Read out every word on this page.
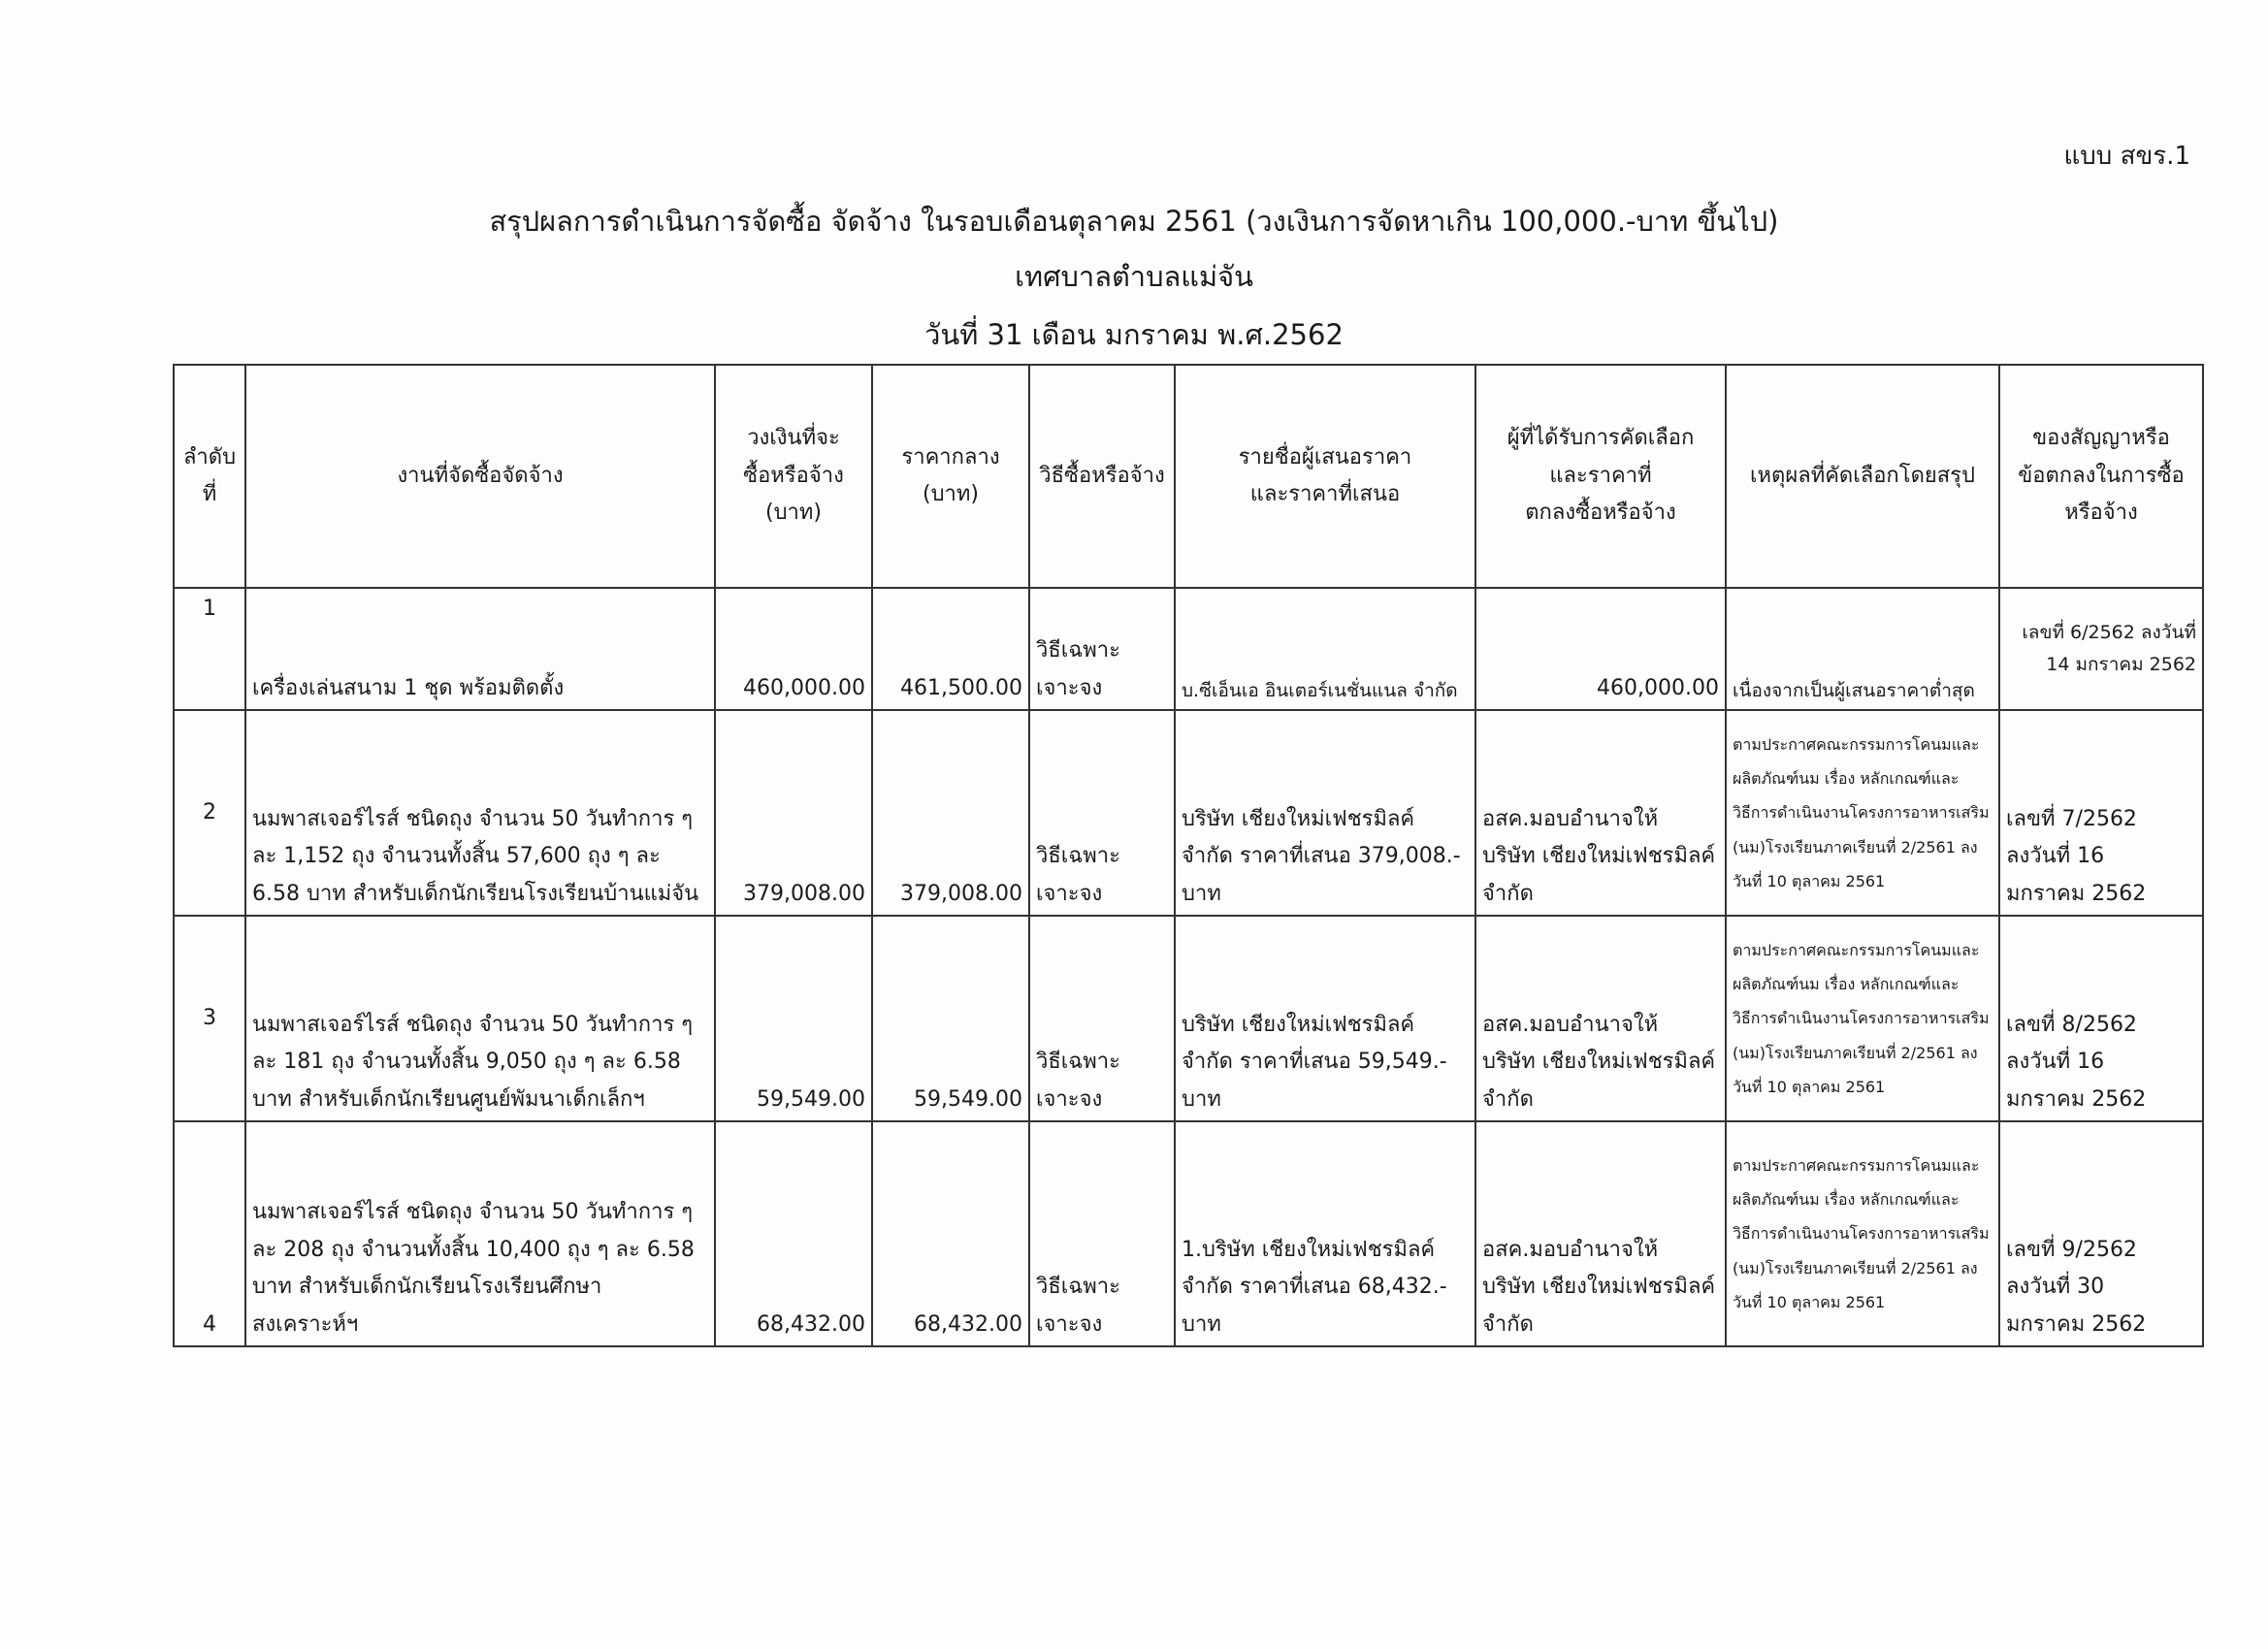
แบบ สขร.1
สรุปผลการดำเนินการจัดซื้อ จัดจ้าง ในรอบเดือนตุลาคม 2561 (วงเงินการจัดหาเกิน 100,000.-บาท ขึ้นไป)
เทศบาลตำบลแม่จัน
วันที่ 31 เดือน มกราคม พ.ศ.2562
ลำดับที่	งานที่จัดซื้อจัดจ้าง	วงเงินที่จะ
ซื้อหรือจ้าง
(บาท)	ราคากลาง
(บาท)	วิธีซื้อหรือจ้าง	รายชื่อผู้เสนอราคา
และราคาที่เสนอ	ผู้ที่ได้รับการคัดเลือก
และราคาที่
ตกลงซื้อหรือจ้าง	เหตุผลที่คัดเลือกโดยสรุป	ของสัญญาหรือ
ข้อตกลงในการซื้อ
หรือจ้าง
1	เครื่องเล่นสนาม 1 ชุด พร้อมติดตั้ง	460,000.00	461,500.00	วิธีเฉพาะเจาะจง	บ.ซีเอ็นเอ อินเตอร์เนชั่นแนล จำกัด	460,000.00	เนื่องจากเป็นผู้เสนอราคาต่ำสุด	เลขที่ 6/2562 ลงวันที่
14 มกราคม 2562
2	นมพาสเจอร์ไรส์ ชนิดถุง จำนวน 50 วันทำการ ๆ
ละ 1,152 ถุง จำนวนทั้งสิ้น 57,600 ถุง ๆ ละ
6.58 บาท สำหรับเด็กนักเรียนโรงเรียนบ้านแม่จัน	379,008.00	379,008.00	วิธีเฉพาะเจาะจง	บริษัท เชียงใหม่เฟชรมิลค์
จำกัด ราคาที่เสนอ 379,008.-
บาท	อสค.มอบอำนาจให้
บริษัท เชียงใหม่เฟชรมิลค์
จำกัด	ตามประกาศคณะกรรมการโคนมและ
ผลิตภัณฑ์นม เรื่อง หลักเกณฑ์และ
วิธีการดำเนินงานโครงการอาหารเสริม
(นม)โรงเรียนภาคเรียนที่ 2/2561 ลง
วันที่ 10 ตุลาคม 2561	เลขที่ 7/2562
ลงวันที่ 16
มกราคม 2562
3	นมพาสเจอร์ไรส์ ชนิดถุง จำนวน 50 วันทำการ ๆ
ละ 181 ถุง จำนวนทั้งสิ้น 9,050 ถุง ๆ ละ 6.58
บาท สำหรับเด็กนักเรียนศูนย์พัมนาเด็กเล็กฯ	59,549.00	59,549.00	วิธีเฉพาะเจาะจง	บริษัท เชียงใหม่เฟชรมิลค์
จำกัด ราคาที่เสนอ 59,549.-
บาท	อสค.มอบอำนาจให้
บริษัท เชียงใหม่เฟชรมิลค์
จำกัด	ตามประกาศคณะกรรมการโคนมและ
ผลิตภัณฑ์นม เรื่อง หลักเกณฑ์และ
วิธีการดำเนินงานโครงการอาหารเสริม
(นม)โรงเรียนภาคเรียนที่ 2/2561 ลง
วันที่ 10 ตุลาคม 2561	เลขที่ 8/2562
ลงวันที่ 16
มกราคม 2562
4	นมพาสเจอร์ไรส์ ชนิดถุง จำนวน 50 วันทำการ ๆ
ละ 208 ถุง จำนวนทั้งสิ้น 10,400 ถุง ๆ ละ 6.58
บาท สำหรับเด็กนักเรียนโรงเรียนศึกษา
สงเคราะห์ฯ	68,432.00	68,432.00	วิธีเฉพาะเจาะจง	1.บริษัท เชียงใหม่เฟชรมิลค์
จำกัด ราคาที่เสนอ 68,432.-
บาท	อสค.มอบอำนาจให้
บริษัท เชียงใหม่เฟชรมิลค์
จำกัด	ตามประกาศคณะกรรมการโคนมและ
ผลิตภัณฑ์นม เรื่อง หลักเกณฑ์และ
วิธีการดำเนินงานโครงการอาหารเสริม
(นม)โรงเรียนภาคเรียนที่ 2/2561 ลง
วันที่ 10 ตุลาคม 2561	เลขที่ 9/2562
ลงวันที่ 30
มกราคม 2562
